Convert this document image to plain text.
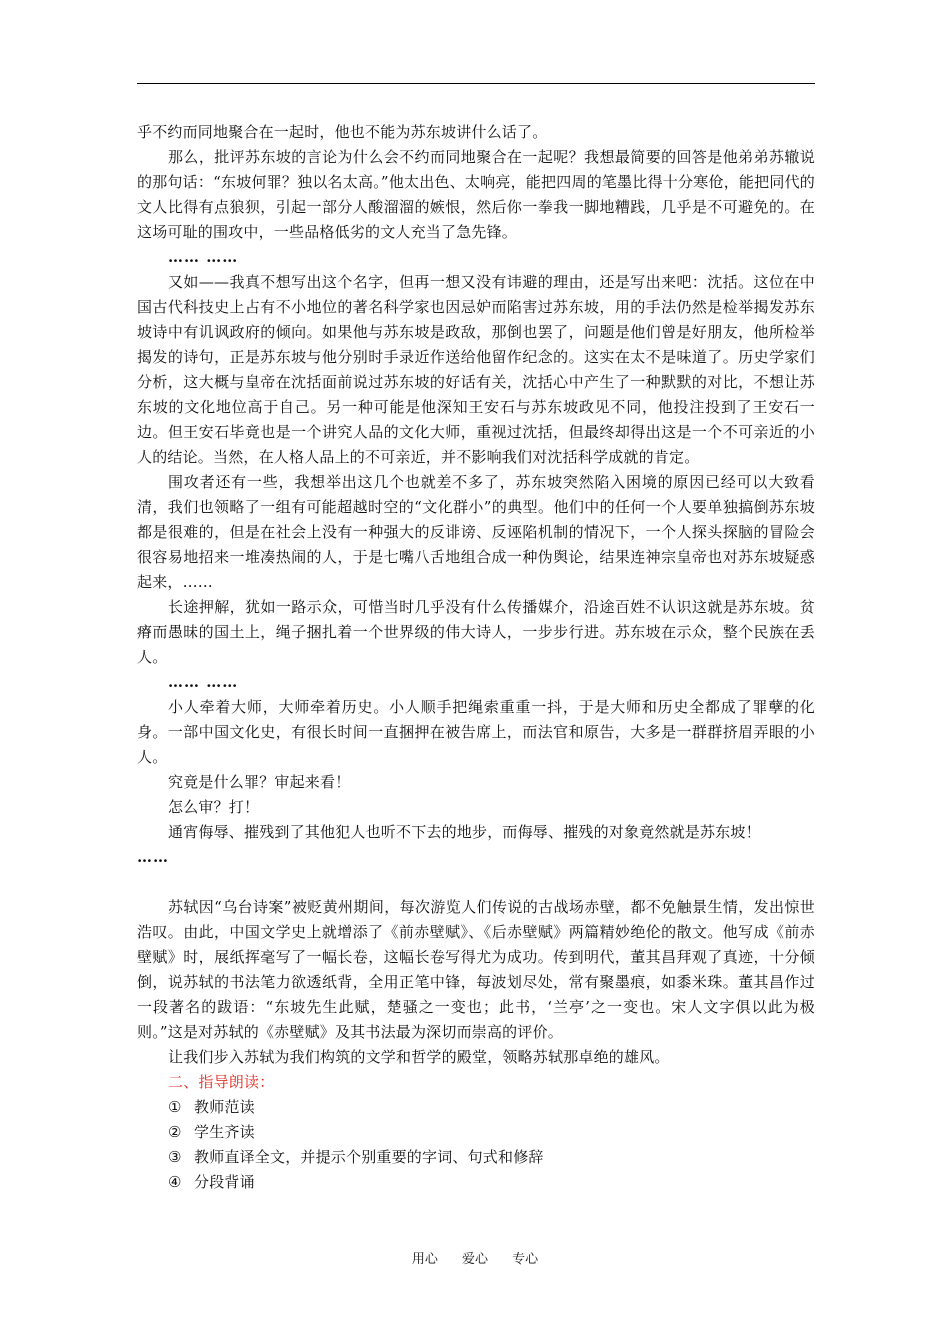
乎不约而同地聚合在一起时，他也不能为苏东坡讲什么话了。

那么，批评苏东坡的言论为什么会不约而同地聚合在一起呢？我想最简要的回答是他弟弟苏辙说的那句话：“东坡何罪？独以名太高。”他太出色、太响亮，能把四周的笔墨比得十分寒伧，能把同代的文人比得有点狼狈，引起一部分人酸溜溜的嫉恨，然后你一拳我一脚地糟践，几乎是不可避免的。在这场可耻的围攻中，一些品格低劣的文人充当了急先锋。

…… ……

又如——我真不想写出这个名字，但再一想又没有讳避的理由，还是写出来吧：沈括。这位在中国古代科技史上占有不小地位的著名科学家也因忌妒而陷害过苏东坡，用的手法仍然是检举揭发苏东坡诗中有讥讽政府的倾向。如果他与苏东坡是政敌，那倒也罢了，问题是他们曾是好朋友，他所检举揭发的诗句，正是苏东坡与他分别时手录近作送给他留作纪念的。这实在太不是味道了。历史学家们分析，这大概与皇帝在沈括面前说过苏东坡的好话有关，沈括心中产生了一种默默的对比，不想让苏东坡的文化地位高于自己。另一种可能是他深知王安石与苏东坡政见不同，他投注投到了王安石一边。但王安石毕竟也是一个讲究人品的文化大师，重视过沈括，但最终却得出这是一个不可亲近的小人的结论。当然，在人格人品上的不可亲近，并不影响我们对沈括科学成就的肯定。

围攻者还有一些，我想举出这几个也就差不多了，苏东坡突然陷入困境的原因已经可以大致看清，我们也领略了一组有可能超越时空的“文化群小”的典型。他们中的任何一个人要单独搞倒苏东坡都是很难的，但是在社会上没有一种强大的反诽谤、反诬陷机制的情况下，一个人探头探脑的冒险会很容易地招来一堆凑热闹的人，于是七嘴八舌地组合成一种伪舆论，结果连神宗皇帝也对苏东坡疑惑起来，……

长途押解，犹如一路示众，可惜当时几乎没有什么传播媒介，沿途百姓不认识这就是苏东坡。贫瘠而愚昧的国土上，绳子捆扎着一个世界级的伟大诗人，一步步行进。苏东坡在示众，整个民族在丢人。

…… ……

小人牵着大师，大师牵着历史。小人顺手把绳索重重一抖，于是大师和历史全都成了罪孽的化身。一部中国文化史，有很长时间一直捆押在被告席上，而法官和原告，大多是一群群挤眉弄眼的小人。

究竟是什么罪？审起来看！

怎么审？打！

通宵侮辱、摧残到了其他犯人也听不下去的地步，而侮辱、摧残的对象竟然就是苏东坡！

……

苏轼因“乌台诗案”被贬黄州期间，每次游览人们传说的古战场赤壁，都不免触景生情，发出惊世浩叹。由此，中国文学史上就增添了《前赤壁赋》、《后赤壁赋》两篇精妙绝伦的散文。他写成《前赤壁赋》时，展纸挥毫写了一幅长卷，这幅长卷写得尤为成功。传到明代，董其昌拜观了真迹，十分倾倒，说苏轼的书法笔力欲透纸背，全用正笔中锋，每波划尽处，常有聚墨痕，如黍米珠。董其昌作过一段著名的跋语：“东坡先生此赋，楚骚之一变也；此书，‘兰亭’之一变也。宋人文字俱以此为极则。”这是对苏轼的《赤壁赋》及其书法最为深切而崇高的评价。

让我们步入苏轼为我们构筑的文学和哲学的殿堂，领略苏轼那卓绝的雄风。

二、指导朗读：

① 教师范读

② 学生齐读

③ 教师直译全文，并提示个别重要的字词、句式和修辞

④ 分段背诵

用心 爱心 专心
